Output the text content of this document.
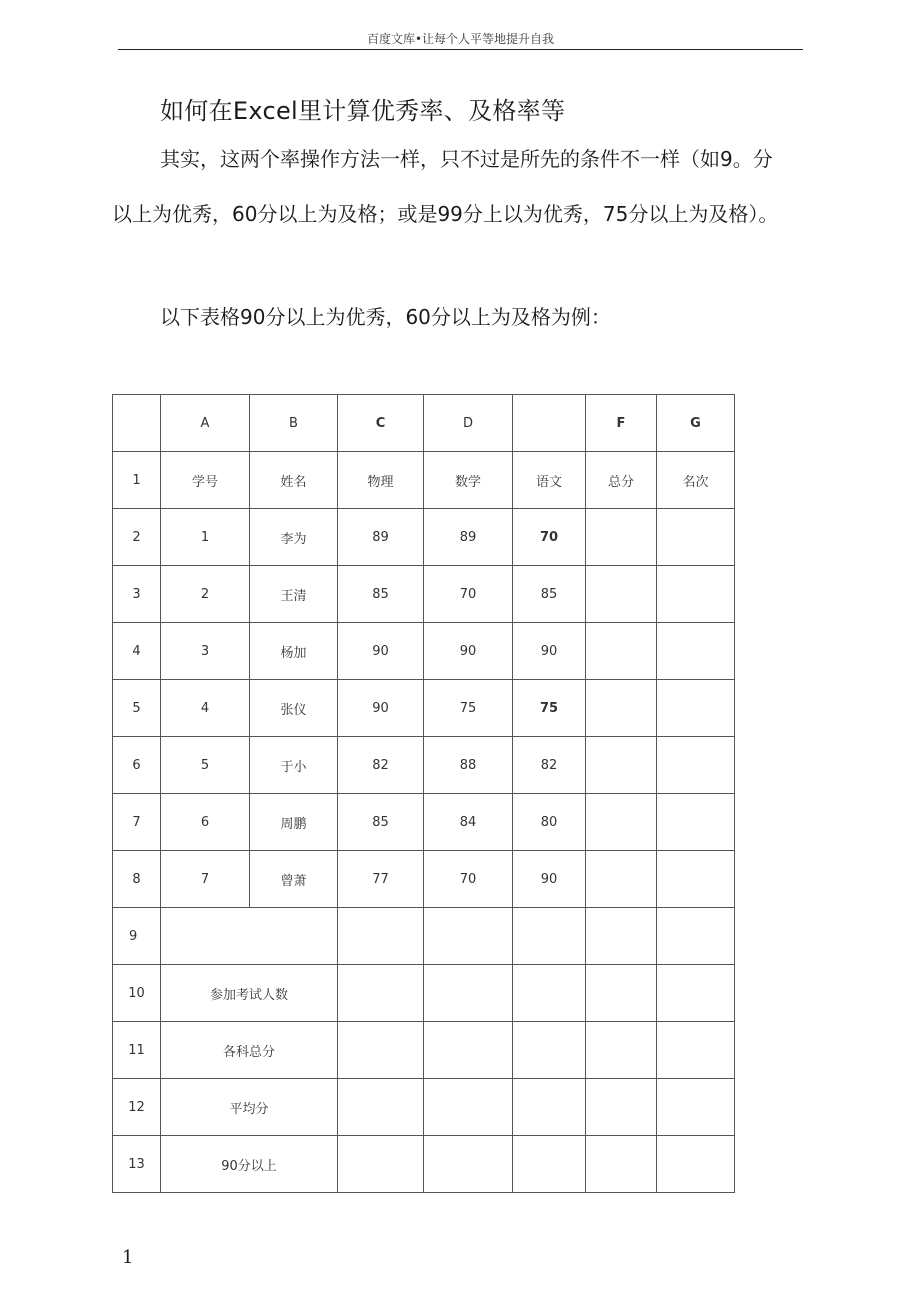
百度文库•让每个人平等地提升自我
如何在Excel里计算优秀率、及格率等

其实，这两个率操作方法一样，只不过是所先的条件不一样（如9。分以上为优秀，60分以上为及格；或是99分上以为优秀，75分以上为及格）。

以下表格90分以上为优秀，60分以上为及格为例：

	A	B	C	D		F	G
1	学号	姓名	物理	数学	语文	总分	名次
2	1	李为	89	89	70		
3	2	王清	85	70	85		
4	3	杨加	90	90	90		
5	4	张仪	90	75	75		
6	5	于小	82	88	82		
7	6	周鹏	85	84	80		
8	7	曾萧	77	70	90		
9							
10	参加考试人数						
11	各科总分						
12	平均分						
13	90分以上						
1
